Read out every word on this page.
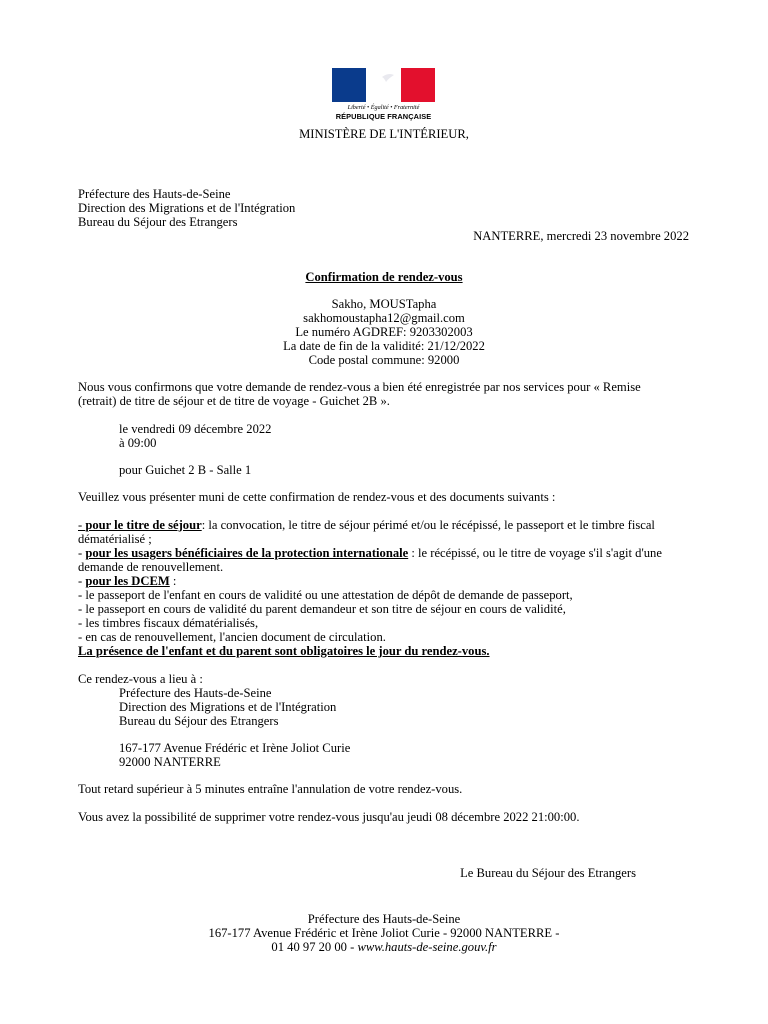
Liberté • Égalité • Fraternité
RÉPUBLIQUE FRANÇAISE
MINISTÈRE DE L'INTÉRIEUR,
Préfecture des Hauts-de-Seine
Direction des Migrations et de l'Intégration
Bureau du Séjour des Etrangers
NANTERRE, mercredi 23 novembre 2022
Confirmation de rendez-vous
Sakho, MOUSTapha
sakhomoustapha12@gmail.com
Le numéro AGDREF: 9203302003
La date de fin de la validité: 21/12/2022
Code postal commune: 92000
Nous vous confirmons que votre demande de rendez-vous a bien été enregistrée par nos services pour « Remise
(retrait) de titre de séjour et de titre de voyage - Guichet 2B ».
le vendredi 09 décembre 2022
à 09:00
pour Guichet 2 B - Salle 1
Veuillez vous présenter muni de cette confirmation de rendez-vous et des documents suivants :
- pour le titre de séjour: la convocation, le titre de séjour périmé et/ou le récépissé, le passeport et le timbre fiscal
dématérialisé ;
- pour les usagers bénéficiaires de la protection internationale : le récépissé, ou le titre de voyage s'il s'agit d'une
demande de renouvellement.
- pour les DCEM :
- le passeport de l'enfant en cours de validité ou une attestation de dépôt de demande de passeport,
- le passeport en cours de validité du parent demandeur et son titre de séjour en cours de validité,
- les timbres fiscaux dématérialisés,
- en cas de renouvellement, l'ancien document de circulation.
La présence de l'enfant et du parent sont obligatoires le jour du rendez-vous.
Ce rendez-vous a lieu à :
Préfecture des Hauts-de-Seine
Direction des Migrations et de l'Intégration
Bureau du Séjour des Etrangers
167-177 Avenue Frédéric et Irène Joliot Curie
92000 NANTERRE
Tout retard supérieur à 5 minutes entraîne l'annulation de votre rendez-vous.
Vous avez la possibilité de supprimer votre rendez-vous jusqu'au jeudi 08 décembre 2022 21:00:00.
Le Bureau du Séjour des Etrangers
Préfecture des Hauts-de-Seine
167-177 Avenue Frédéric et Irène Joliot Curie - 92000 NANTERRE -
01 40 97 20 00 - www.hauts-de-seine.gouv.fr
